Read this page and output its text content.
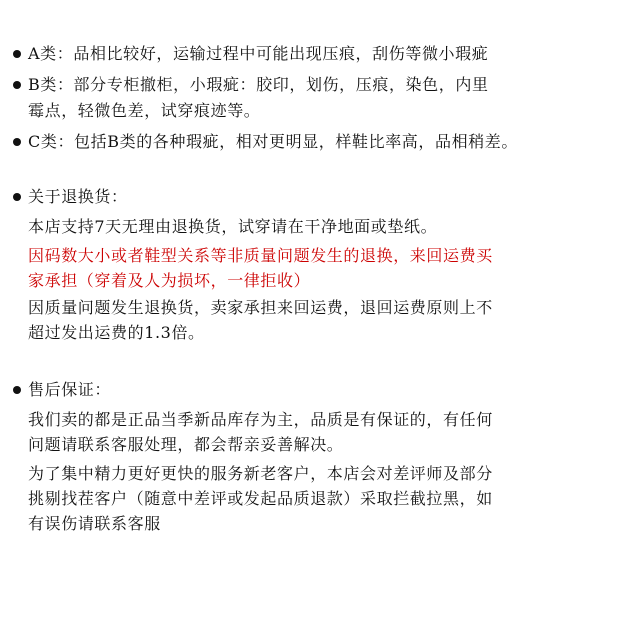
A类：品相比较好，运输过程中可能出现压痕，刮伤等微小瑕疵
B类：部分专柜撤柜，小瑕疵：胶印，划伤，压痕，染色，内里
霉点，轻微色差，试穿痕迹等。
C类：包括B类的各种瑕疵，相对更明显，样鞋比率高，品相稍差。
关于退换货：
本店支持7天无理由退换货，试穿请在干净地面或垫纸。
因码数大小或者鞋型关系等非质量问题发生的退换，来回运费买
家承担（穿着及人为损坏，一律拒收）
因质量问题发生退换货，卖家承担来回运费，退回运费原则上不
超过发出运费的1.3倍。
售后保证：
我们卖的都是正品当季新品库存为主，品质是有保证的，有任何
问题请联系客服处理，都会帮亲妥善解决。
为了集中精力更好更快的服务新老客户，本店会对差评师及部分
挑剔找茬客户（随意中差评或发起品质退款）采取拦截拉黑，如
有误伤请联系客服
